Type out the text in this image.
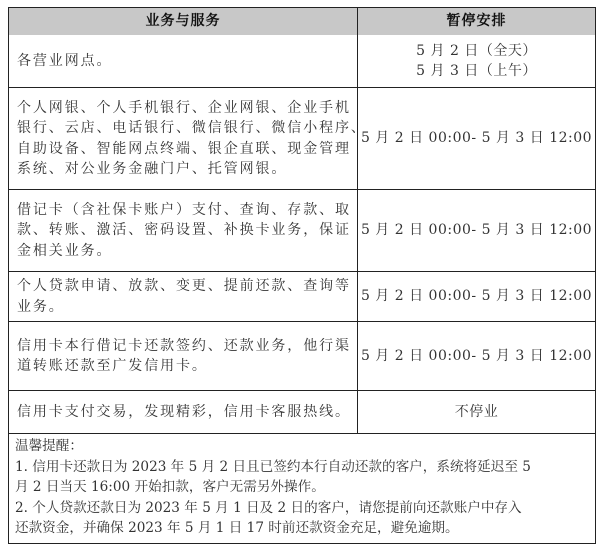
业务与服务	暂停安排
各营业网点。
5 月 2 日（全天）
5 月 3 日（上午）
个人网银、个人手机银行、企业网银、企业手机
银行、云店、电话银行、微信银行、微信小程序、
自助设备、智能网点终端、银企直联、现金管理
系统、对公业务金融门户、托管网银。
5 月 2 日 00:00- 5 月 3 日 12:00
借记卡（含社保卡账户）支付、查询、存款、取
款、转账、激活、密码设置、补换卡业务，保证
金相关业务。
5 月 2 日 00:00- 5 月 3 日 12:00
个人贷款申请、放款、变更、提前还款、查询等
业务。
5 月 2 日 00:00- 5 月 3 日 12:00
信用卡本行借记卡还款签约、还款业务，他行渠
道转账还款至广发信用卡。
5 月 2 日 00:00- 5 月 3 日 12:00
信用卡支付交易，发现精彩，信用卡客服热线。	不停业
温馨提醒：
1. 信用卡还款日为 2023 年 5 月 2 日且已签约本行自动还款的客户，系统将延迟至 5
月 2 日当天 16:00 开始扣款，客户无需另外操作。
2. 个人贷款还款日为 2023 年 5 月 1 日及 2 日的客户，请您提前向还款账户中存入
还款资金，并确保 2023 年 5 月 1 日 17 时前还款资金充足，避免逾期。
